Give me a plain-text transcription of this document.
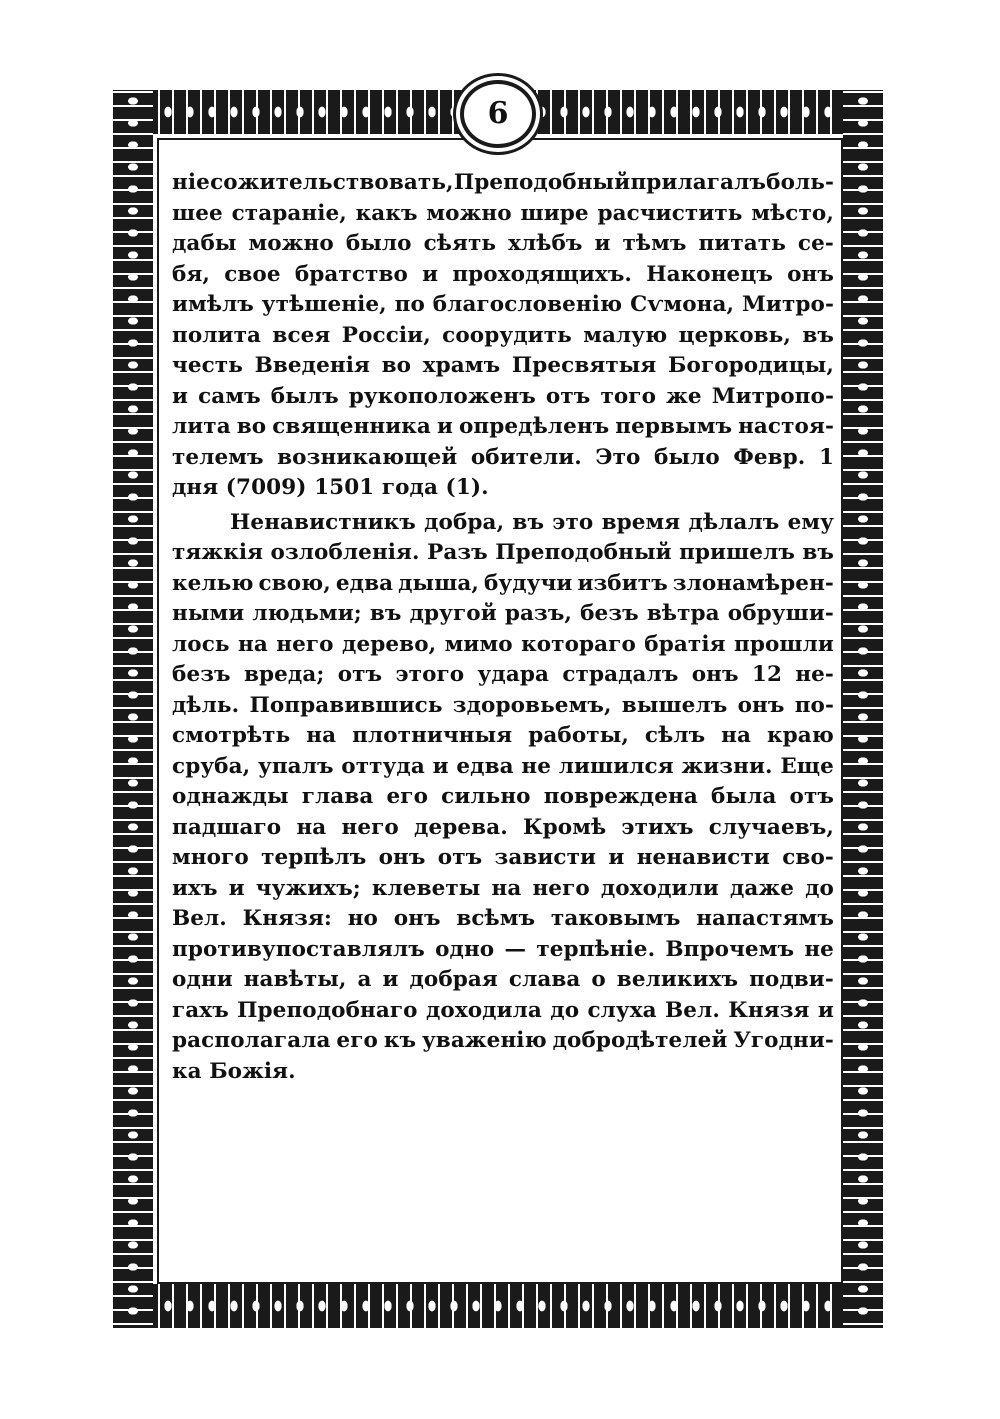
6
ніе сожительствовать, Преподобный прилагалъ боль-
шее стараніе, какъ можно шире расчистить мѣсто,
дабы можно было сѣять хлѣбъ и тѣмъ питать се-
бя, свое братство и проходящихъ. Наконецъ онъ
имѣлъ утѣшеніе, по благословенію Сѵмона, Митро-
полита всея Россіи, соорудить малую церковь, въ
честь Введенія во храмъ Пресвятыя Богородицы,
и самъ былъ рукоположенъ отъ того же Митропо-
лита во священника и опредѣленъ первымъ настоя-
телемъ возникающей обители. Это было Февр. 1
дня (7009) 1501 года (1).
Ненавистникъ добра, въ это время дѣлалъ ему
тяжкія озлобленія. Разъ Преподобный пришелъ въ
келью свою, едва дыша, будучи избитъ злонамѣрен-
ными людьми; въ другой разъ, безъ вѣтра обруши-
лось на него дерево, мимо котораго братія прошли
безъ вреда; отъ этого удара страдалъ онъ 12 не-
дѣль. Поправившись здоровьемъ, вышелъ онъ по-
смотрѣть на плотничныя работы, сѣлъ на краю
сруба, упалъ оттуда и едва не лишился жизни. Еще
однажды глава его сильно повреждена была отъ
падшаго на него дерева. Кромѣ этихъ случаевъ,
много терпѣлъ онъ отъ зависти и ненависти сво-
ихъ и чужихъ; клеветы на него доходили даже до
Вел. Князя: но онъ всѣмъ таковымъ напастямъ
противупоставлялъ одно — терпѣніе. Впрочемъ не
одни навѣты, а и добрая слава о великихъ подви-
гахъ Преподобнаго доходила до слуха Вел. Князя и
располагала его къ уваженію добродѣтелей Угодни-
ка Божія.
